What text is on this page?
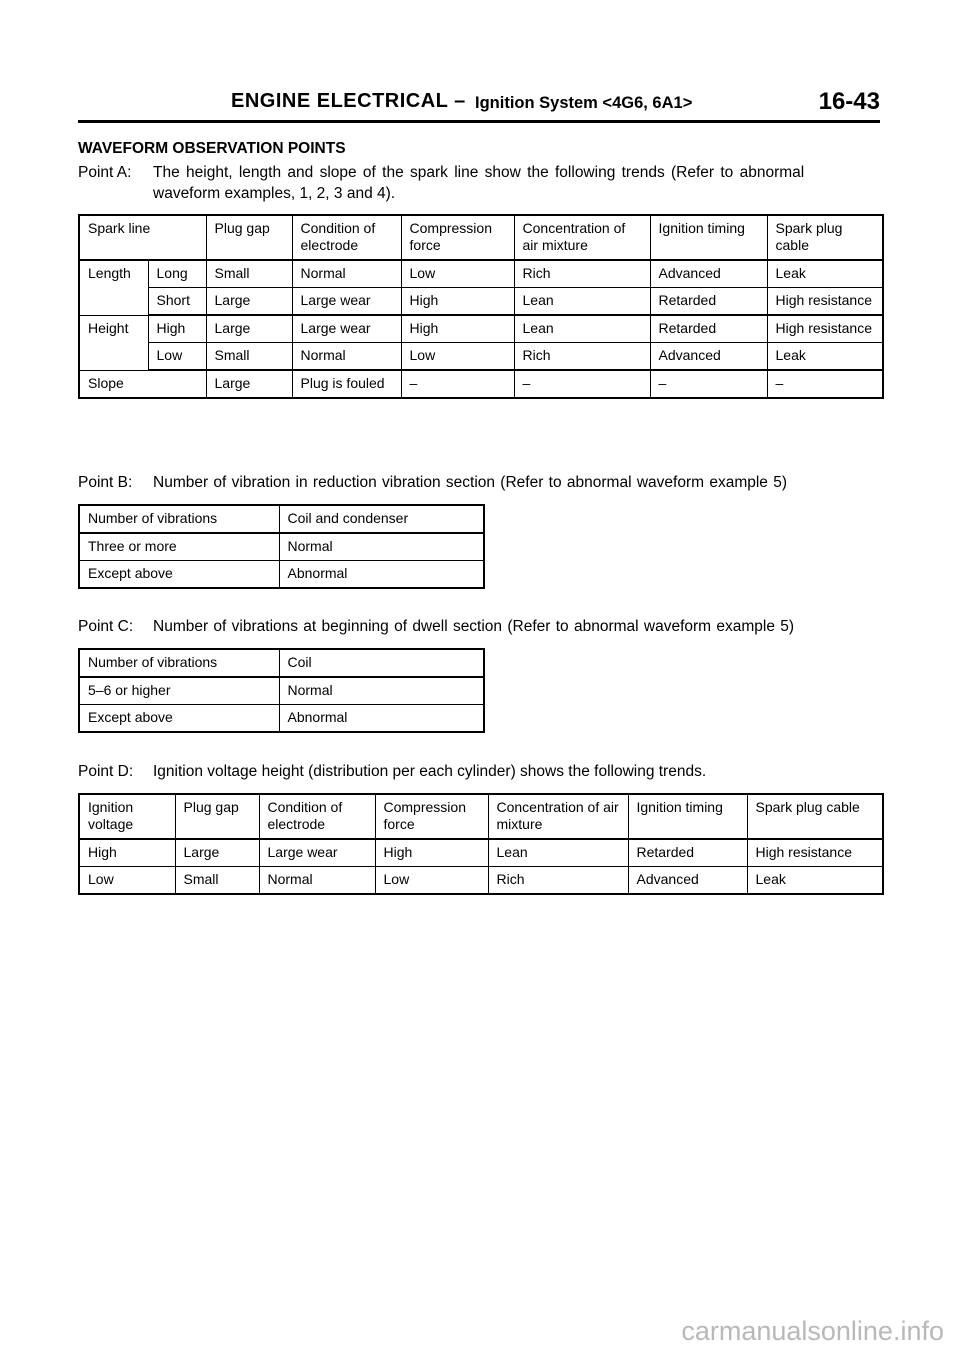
ENGINE ELECTRICAL – Ignition System <4G6, 6A1>	16-43
WAVEFORM OBSERVATION POINTS
Point A: The height, length and slope of the spark line show the following trends (Refer to abnormal
waveform examples, 1, 2, 3 and 4).
Spark line		Plug gap	Condition of electrode	Compression force	Concentration of air mixture	Ignition timing	Spark plug cable
Length	Long	Small	Normal	Low	Rich	Advanced	Leak
	Short	Large	Large wear	High	Lean	Retarded	High resistance
Height	High	Large	Large wear	High	Lean	Retarded	High resistance
	Low	Small	Normal	Low	Rich	Advanced	Leak
Slope		Large	Plug is fouled	–	–	–	–
Point B: Number of vibration in reduction vibration section (Refer to abnormal waveform example 5)
Number of vibrations	Coil and condenser
Three or more	Normal
Except above	Abnormal
Point C: Number of vibrations at beginning of dwell section (Refer to abnormal waveform example 5)
Number of vibrations	Coil
5–6 or higher	Normal
Except above	Abnormal
Point D: Ignition voltage height (distribution per each cylinder) shows the following trends.
Ignition voltage	Plug gap	Condition of electrode	Compression force	Concentration of air mixture	Ignition timing	Spark plug cable
High	Large	Large wear	High	Lean	Retarded	High resistance
Low	Small	Normal	Low	Rich	Advanced	Leak
carmanualsonline.info
